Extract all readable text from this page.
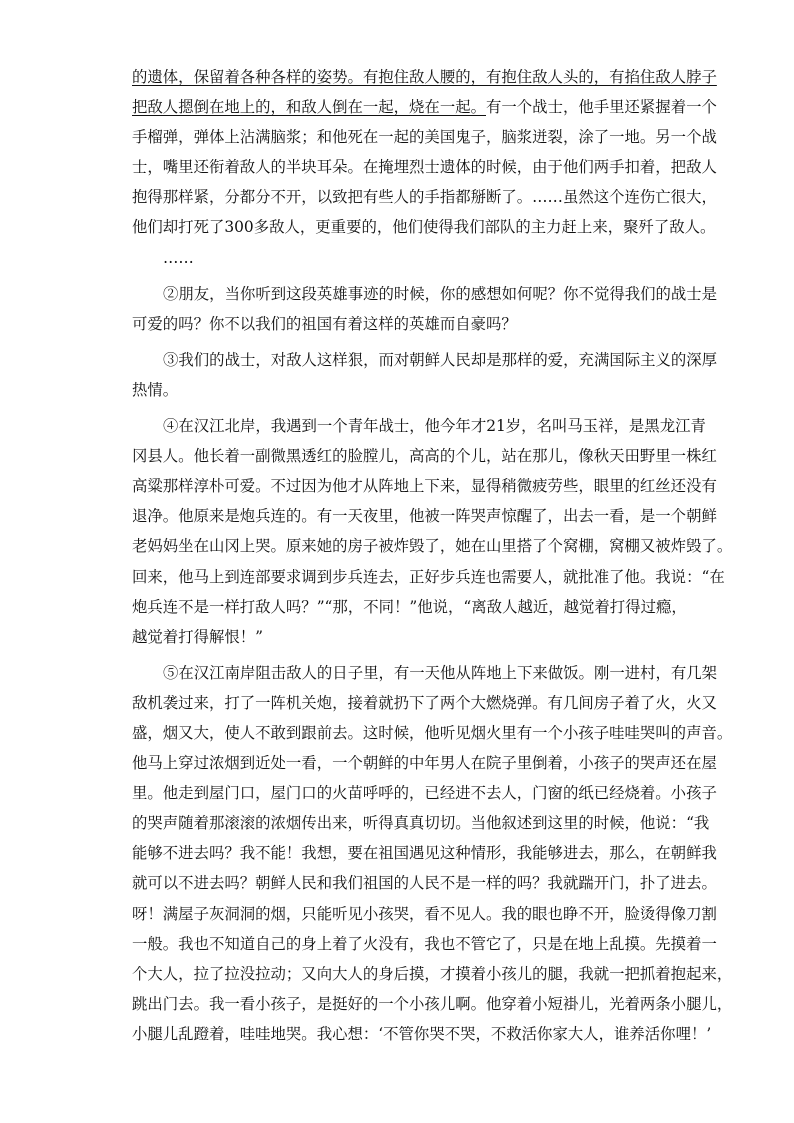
的遗体，保留着各种各样的姿势。有抱住敌人腰的，有抱住敌人头的，有掐住敌人脖子
把敌人摁倒在地上的，和敌人倒在一起，烧在一起。有一个战士，他手里还紧握着一个
手榴弹，弹体上沾满脑浆；和他死在一起的美国鬼子，脑浆迸裂，涂了一地。另一个战
士，嘴里还衔着敌人的半块耳朵。在掩埋烈士遗体的时候，由于他们两手扣着，把敌人
抱得那样紧，分都分不开，以致把有些人的手指都掰断了。……虽然这个连伤亡很大，
他们却打死了300多敌人，更重要的，他们使得我们部队的主力赶上来，聚歼了敌人。
……
②朋友，当你听到这段英雄事迹的时候，你的感想如何呢？你不觉得我们的战士是
可爱的吗？你不以我们的祖国有着这样的英雄而自豪吗？
③我们的战士，对敌人这样狠，而对朝鲜人民却是那样的爱，充满国际主义的深厚
热情。
④在汉江北岸，我遇到一个青年战士，他今年才21岁，名叫马玉祥，是黑龙江青
冈县人。他长着一副微黑透红的脸膛儿，高高的个儿，站在那儿，像秋天田野里一株红
高粱那样淳朴可爱。不过因为他才从阵地上下来，显得稍微疲劳些，眼里的红丝还没有
退净。他原来是炮兵连的。有一天夜里，他被一阵哭声惊醒了，出去一看，是一个朝鲜
老妈妈坐在山冈上哭。原来她的房子被炸毁了，她在山里搭了个窝棚，窝棚又被炸毁了。
回来，他马上到连部要求调到步兵连去，正好步兵连也需要人，就批准了他。我说：“在
炮兵连不是一样打敌人吗？”“那，不同！”他说，“离敌人越近，越觉着打得过瘾，
越觉着打得解恨！”
⑤在汉江南岸阻击敌人的日子里，有一天他从阵地上下来做饭。刚一进村，有几架
敌机袭过来，打了一阵机关炮，接着就扔下了两个大燃烧弹。有几间房子着了火，火又
盛，烟又大，使人不敢到跟前去。这时候，他听见烟火里有一个小孩子哇哇哭叫的声音。
他马上穿过浓烟到近处一看，一个朝鲜的中年男人在院子里倒着，小孩子的哭声还在屋
里。他走到屋门口，屋门口的火苗呼呼的，已经进不去人，门窗的纸已经烧着。小孩子
的哭声随着那滚滚的浓烟传出来，听得真真切切。当他叙述到这里的时候，他说：“我
能够不进去吗？我不能！我想，要在祖国遇见这种情形，我能够进去，那么，在朝鲜我
就可以不进去吗？朝鲜人民和我们祖国的人民不是一样的吗？我就踹开门，扑了进去。
呀！满屋子灰洞洞的烟，只能听见小孩哭，看不见人。我的眼也睁不开，脸烫得像刀割
一般。我也不知道自己的身上着了火没有，我也不管它了，只是在地上乱摸。先摸着一
个大人，拉了拉没拉动；又向大人的身后摸，才摸着小孩儿的腿，我就一把抓着抱起来，
跳出门去。我一看小孩子，是挺好的一个小孩儿啊。他穿着小短褂儿，光着两条小腿儿，
小腿儿乱蹬着，哇哇地哭。我心想：‘不管你哭不哭，不救活你家大人，谁养活你哩！’
